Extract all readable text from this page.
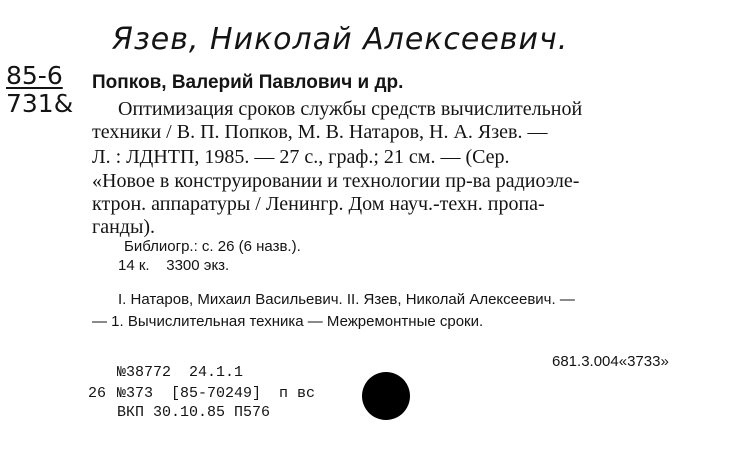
Язев, Николай Алексеевич.
85-6
731&
Попков, Валерий Павлович и др.
Оптимизация сроков службы средств вычислительной
техники / В. П. Попков, М. В. Натаров, Н. А. Язев. —
Л. : ЛДНТП, 1985. — 27 с., граф.; 21 см. — (Сер.
«Новое в конструировании и технологии пр-ва радиоэле-
ктрон. аппаратуры / Ленингр. Дом науч.-техн. пропа-
ганды).
Библиогр.: с. 26 (6 назв.).
14 к.    3300 экз.
I. Натаров, Михаил Васильевич. II. Язев, Николай Алексеевич. —
— 1. Вычислительная техника — Межремонтные сроки.
681.3.004«3733»
№38772  24.1.1
26 №373  [85-70249]  п вс
ВКП 30.10.85 П576
